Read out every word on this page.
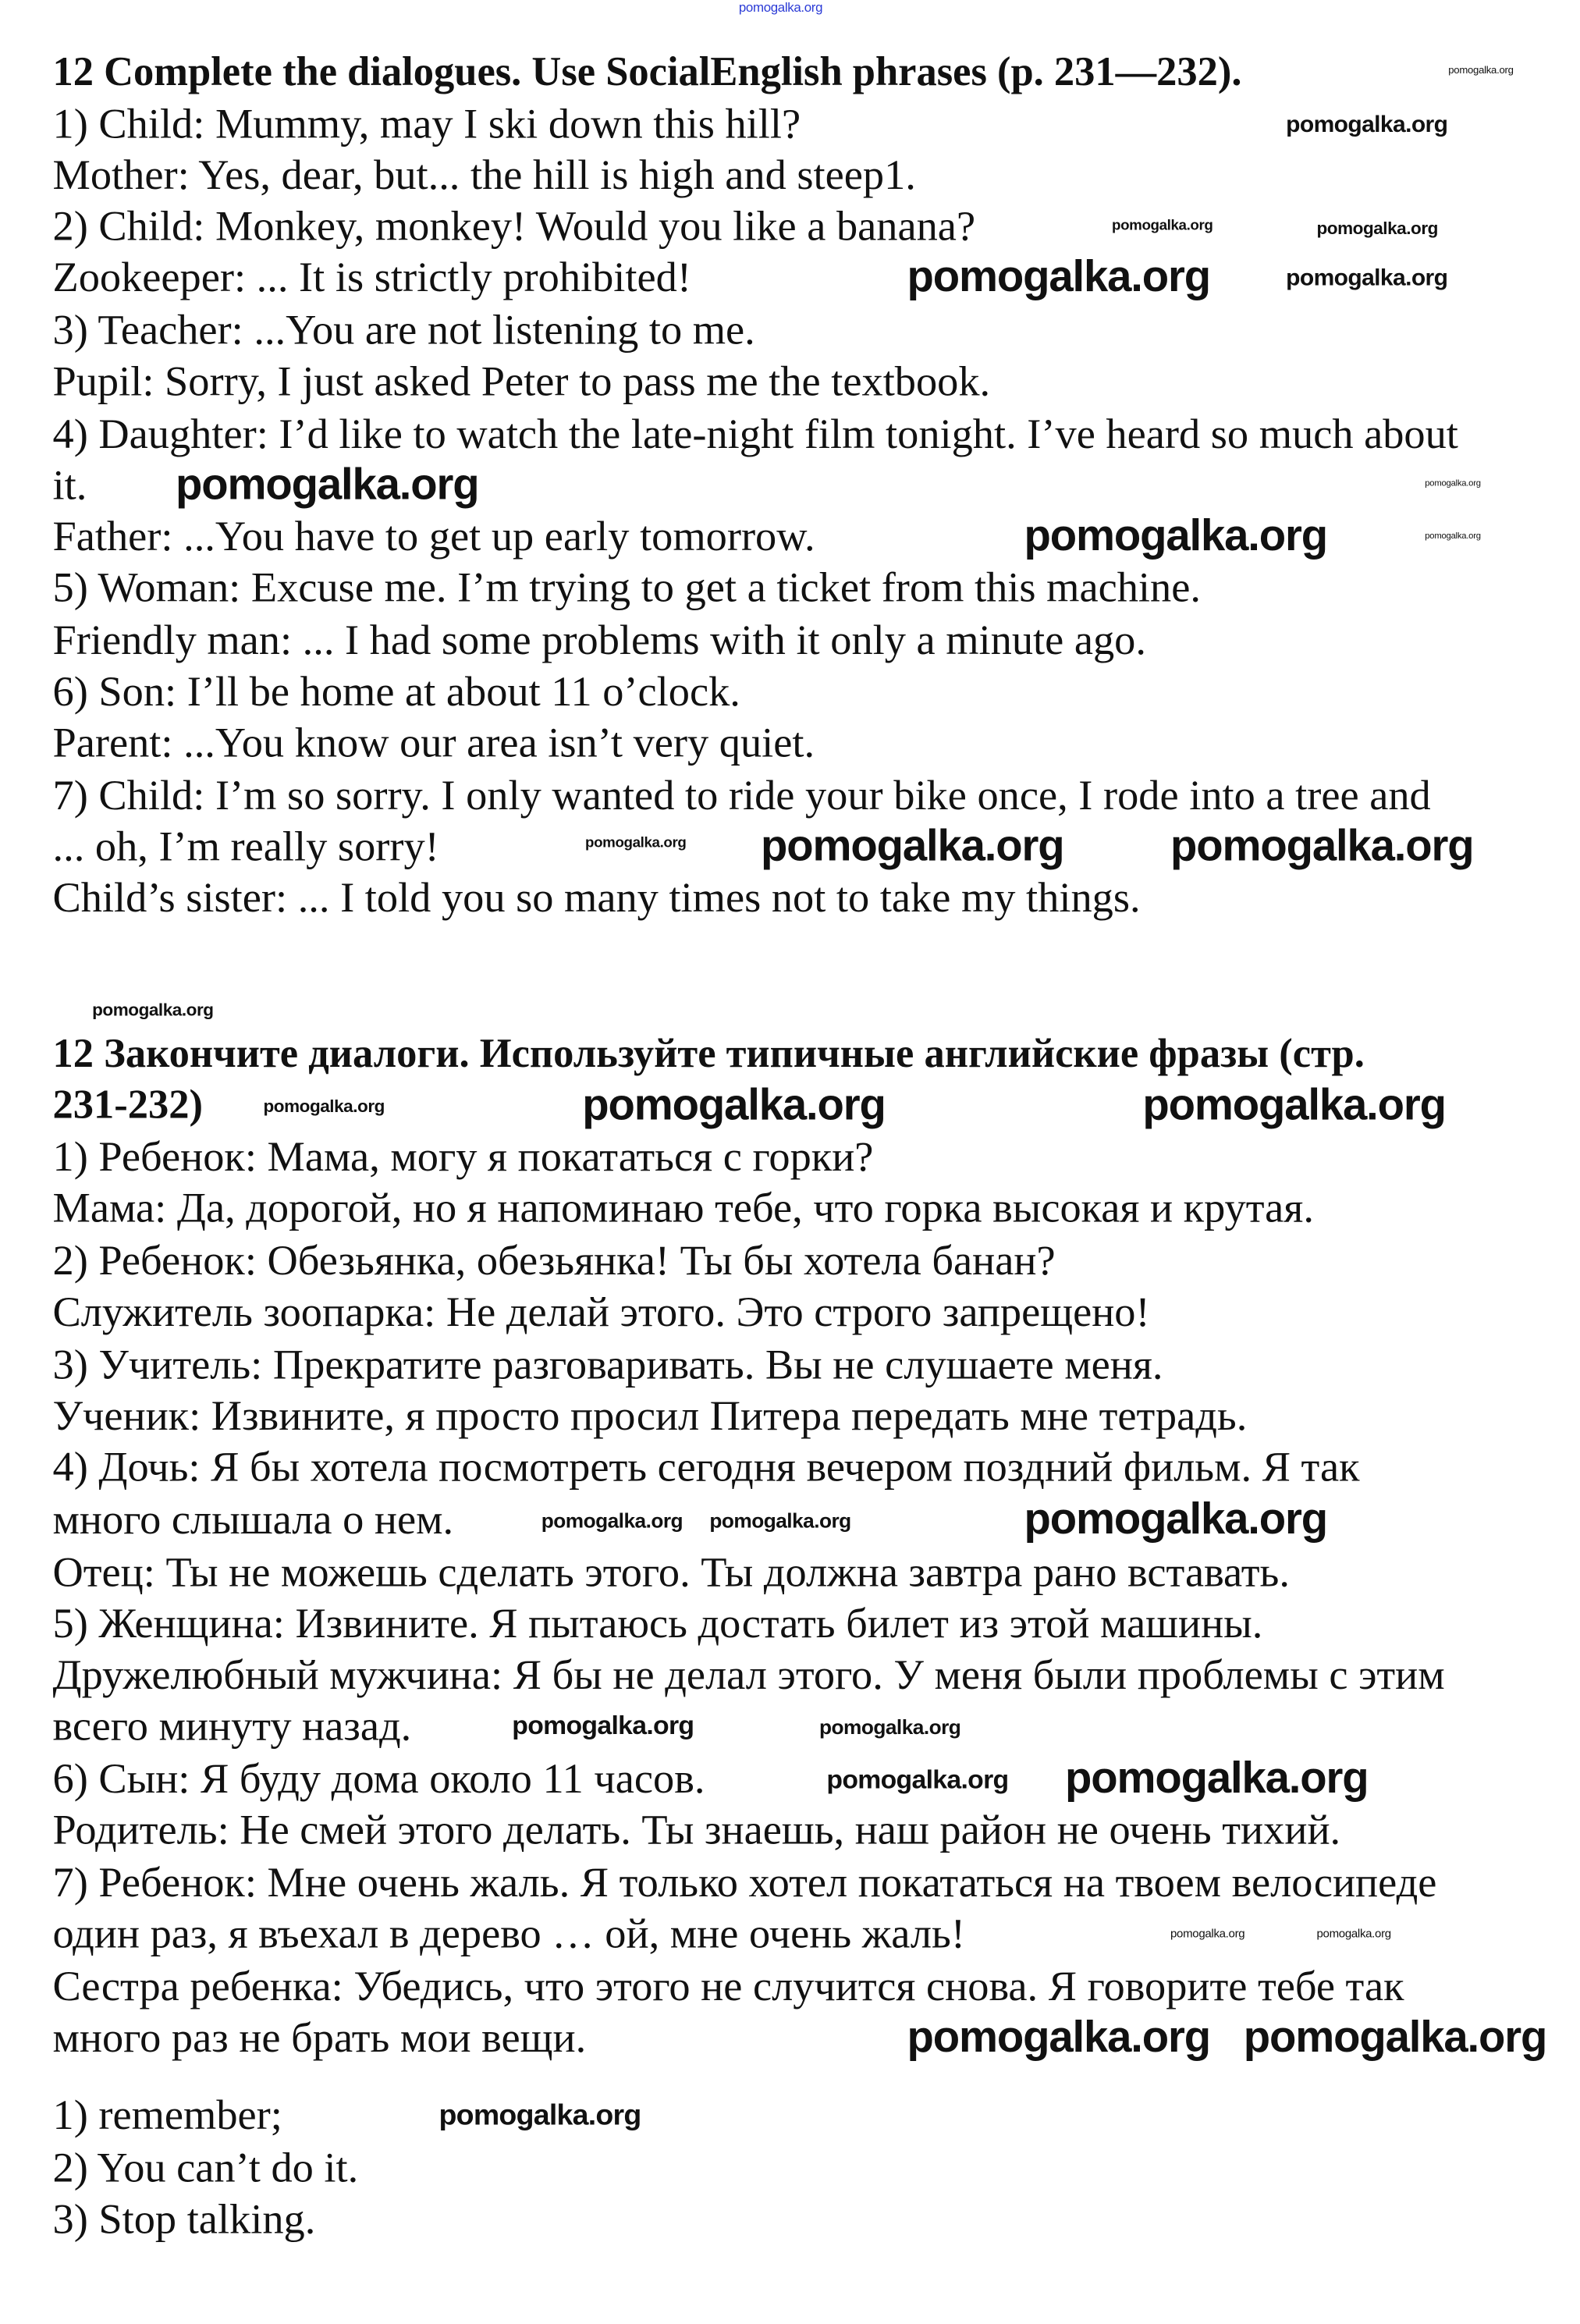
pomogalka.org
12 Complete the dialogues. Use SocialEnglish phrases (p. 231—232).
1) Child: Mummy, may I ski down this hill?
Mother: Yes, dear, but... the hill is high and steep1.
2) Child: Monkey, monkey! Would you like a banana?
Zookeeper: ... It is strictly prohibited!
3) Teacher: ...You are not listening to me.
Pupil: Sorry, I just asked Peter to pass me the textbook.
4) Daughter: I’d like to watch the late-night film tonight. I’ve heard so much about
it.
Father: ...You have to get up early tomorrow.
5) Woman: Excuse me. I’m trying to get a ticket from this machine.
Friendly man: ... I had some problems with it only a minute ago.
6) Son: I’ll be home at about 11 o’clock.
Parent: ...You know our area isn’t very quiet.
7) Child: I’m so sorry. I only wanted to ride your bike once, I rode into a tree and
... oh, I’m really sorry!
Child’s sister: ... I told you so many times not to take my things.
12 Закончите диалоги. Используйте типичные английские фразы (стр.
231-232)
1) Ребенок: Мама, могу я покататься с горки?
Мама: Да, дорогой, но я напоминаю тебе, что горка высокая и крутая.
2) Ребенок: Обезьянка, обезьянка! Ты бы хотела банан?
Служитель зоопарка: Не делай этого. Это строго запрещено!
3) Учитель: Прекратите разговаривать. Вы не слушаете меня.
Ученик: Извините, я просто просил Питера передать мне тетрадь.
4) Дочь: Я бы хотела посмотреть сегодня вечером поздний фильм. Я так
много слышала о нем.
Отец: Ты не можешь сделать этого. Ты должна завтра рано вставать.
5) Женщина: Извините. Я пытаюсь достать билет из этой машины.
Дружелюбный мужчина: Я бы не делал этого. У меня были проблемы с этим
всего минуту назад.
6) Сын: Я буду дома около 11 часов.
Родитель: Не смей этого делать. Ты знаешь, наш район не очень тихий.
7) Ребенок: Мне очень жаль. Я только хотел покататься на твоем велосипеде
один раз, я въехал в дерево … ой, мне очень жаль!
Сестра ребенка: Убедись, что этого не случится снова. Я говорите тебе так
много раз не брать мои вещи.
1) remember;
2) You can’t do it.
3) Stop talking.
pomogalka.org
pomogalka.org
pomogalka.org	pomogalka.org
pomogalka.org	pomogalka.org
pomogalka.org	pomogalka.org
pomogalka.org	pomogalka.org
pomogalka.org	pomogalka.org	pomogalka.org
pomogalka.org
pomogalka.org	pomogalka.org	pomogalka.org
pomogalka.org pomogalka.org
pomogalka.org
pomogalka.org
pomogalka.org
pomogalka.org pomogalka.org
pomogalka.org	pomogalka.org
pomogalka.org
pomogalka.org pomogalka.org
